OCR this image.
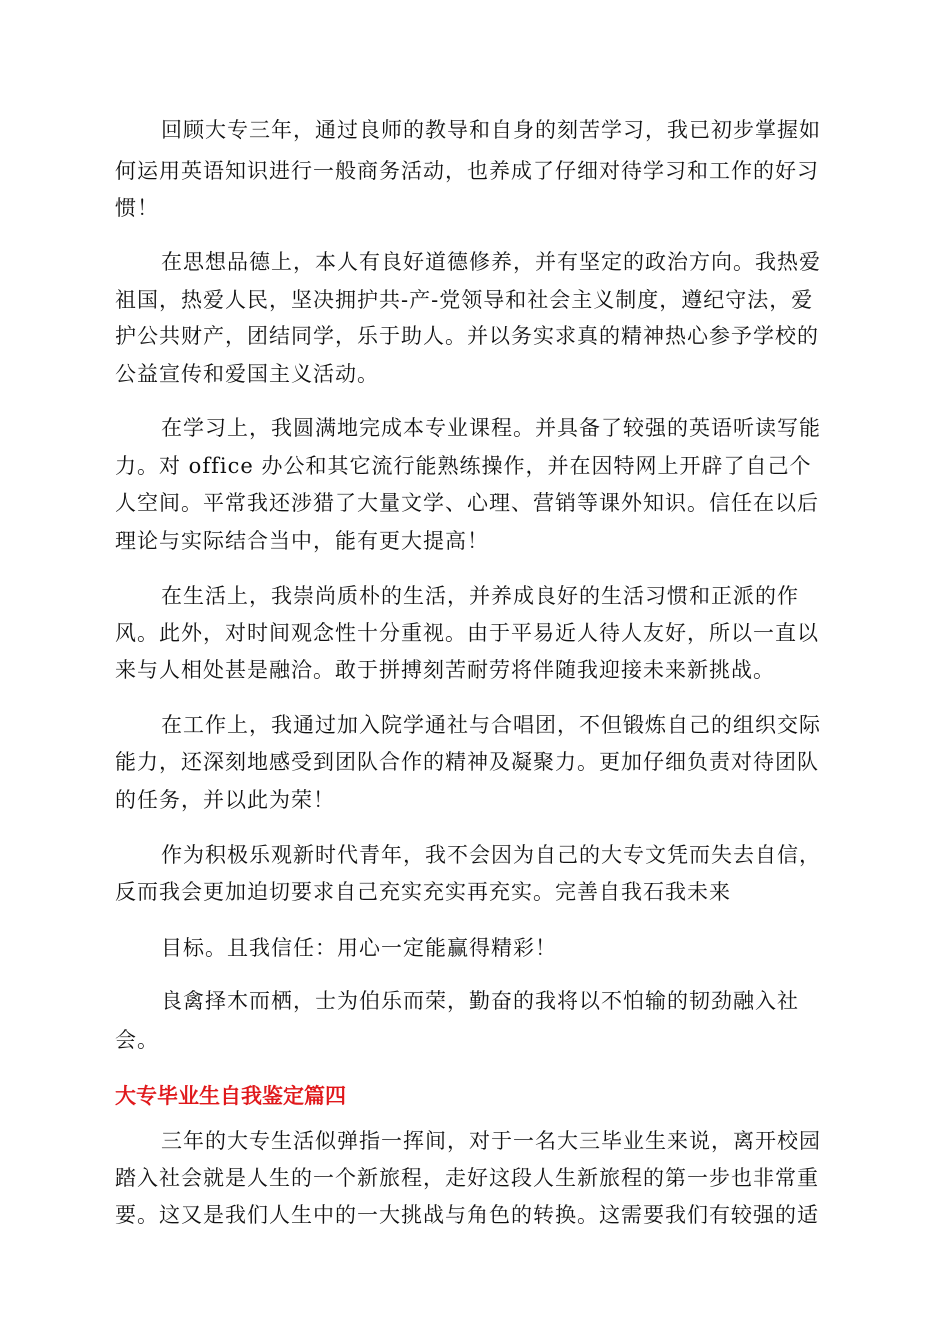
回顾大专三年，通过良师的教导和自身的刻苦学习，我已初步掌握如
何运用英语知识进行一般商务活动，也养成了仔细对待学习和工作的好习
惯！
在思想品德上，本人有良好道德修养，并有坚定的政治方向。我热爱
祖国，热爱人民，坚决拥护共-产-党领导和社会主义制度，遵纪守法，爱
护公共财产，团结同学，乐于助人。并以务实求真的精神热心参予学校的
公益宣传和爱国主义活动。
在学习上，我圆满地完成本专业课程。并具备了较强的英语听读写能
力。对 office 办公和其它流行能熟练操作，并在因特网上开辟了自己个
人空间。平常我还涉猎了大量文学、心理、营销等课外知识。信任在以后
理论与实际结合当中，能有更大提高！
在生活上，我崇尚质朴的生活，并养成良好的生活习惯和正派的作
风。此外，对时间观念性十分重视。由于平易近人待人友好，所以一直以
来与人相处甚是融洽。敢于拼搏刻苦耐劳将伴随我迎接未来新挑战。
在工作上，我通过加入院学通社与合唱团，不但锻炼自己的组织交际
能力，还深刻地感受到团队合作的精神及凝聚力。更加仔细负责对待团队
的任务，并以此为荣！
作为积极乐观新时代青年，我不会因为自己的大专文凭而失去自信，
反而我会更加迫切要求自己充实充实再充实。完善自我石我未来
目标。且我信任：用心一定能赢得精彩！
良禽择木而栖，士为伯乐而荣，勤奋的我将以不怕输的韧劲融入社
会。
大专毕业生自我鉴定篇四
三年的大专生活似弹指一挥间，对于一名大三毕业生来说，离开校园
踏入社会就是人生的一个新旅程，走好这段人生新旅程的第一步也非常重
要。这又是我们人生中的一大挑战与角色的转换。这需要我们有较强的适
